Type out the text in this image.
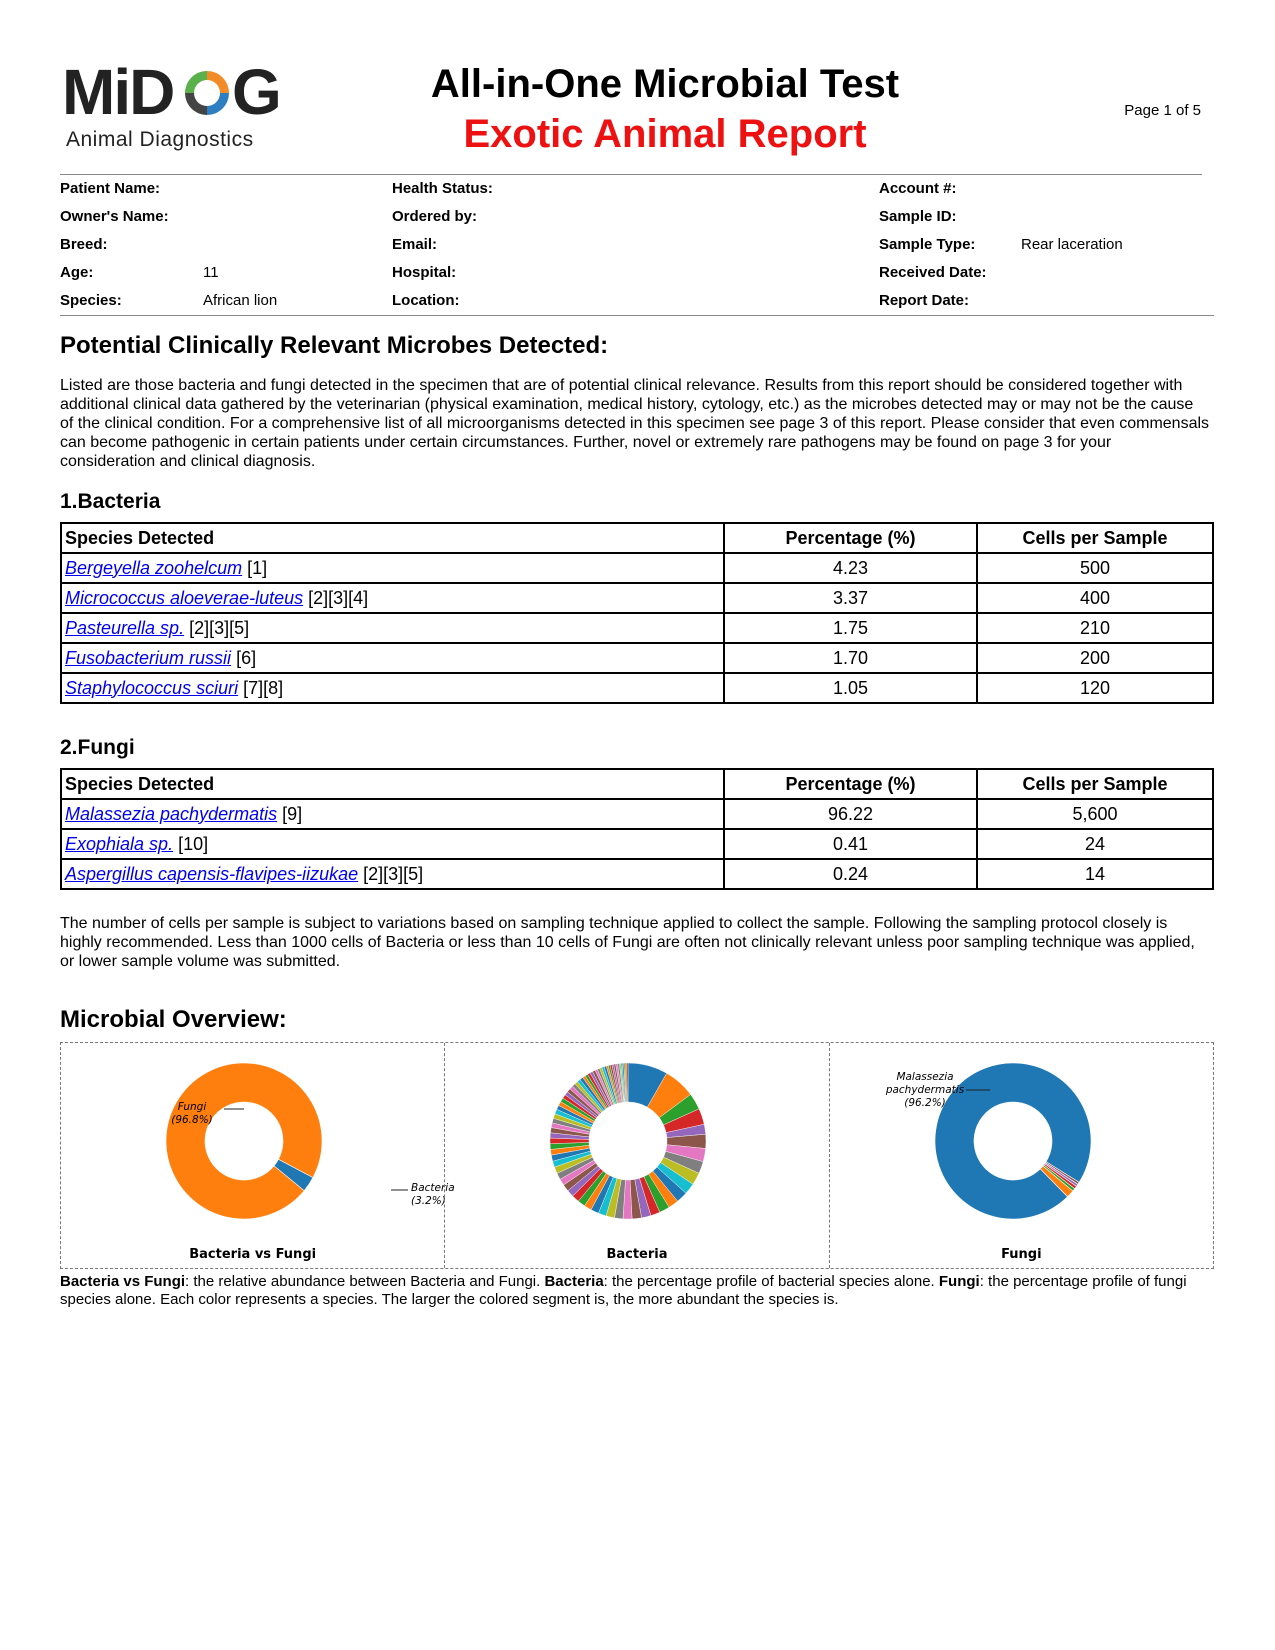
MiD G
Animal Diagnostics
All-in-One Microbial Test
Exotic Animal Report
Page 1 of 5
Patient Name:
Owner's Name:
Breed:
Age:	11
Species:	African lion
Health Status:
Ordered by:
Email:
Hospital:
Location:
Account #:
Sample ID:
Sample Type:	Rear laceration
Received Date:
Report Date:
Potential Clinically Relevant Microbes Detected:

Listed are those bacteria and fungi detected in the specimen that are of potential clinical relevance. Results from this report should be considered together with additional clinical data gathered by the veterinarian (physical examination, medical history, cytology, etc.) as the microbes detected may or may not be the cause of the clinical condition. For a comprehensive list of all microorganisms detected in this specimen see page 3 of this report. Please consider that even commensals can become pathogenic in certain patients under certain circumstances. Further, novel or extremely rare pathogens may be found on page 3 for your consideration and clinical diagnosis.

1.Bacteria
Species Detected	Percentage (%)	Cells per Sample
Bergeyella zoohelcum [1]	4.23	500
Micrococcus aloeverae-luteus [2][3][4]	3.37	400
Pasteurella sp. [2][3][5]	1.75	210
Fusobacterium russii [6]	1.70	200
Staphylococcus sciuri [7][8]	1.05	120
2.Fungi
Species Detected	Percentage (%)	Cells per Sample
Malassezia pachydermatis [9]	96.22	5,600
Exophiala sp. [10]	0.41	24
Aspergillus capensis-flavipes-iizukae [2][3][5]	0.24	14

The number of cells per sample is subject to variations based on sampling technique applied to collect the sample. Following the sampling protocol closely is highly recommended. Less than 1000 cells of Bacteria or less than 10 cells of Fungi are often not clinically relevant unless poor sampling technique was applied, or lower sample volume was submitted.

Microbial Overview:
Fungi
(96.8%)
Bacteria
(3.2%)
Bacteria vs Fungi	Bacteria
Malassezia
pachydermatis
(96.2%)
Fungi

Bacteria vs Fungi: the relative abundance between Bacteria and Fungi. Bacteria: the percentage profile of bacterial species alone. Fungi: the percentage profile of fungi species alone. Each color represents a species. The larger the colored segment is, the more abundant the species is.
